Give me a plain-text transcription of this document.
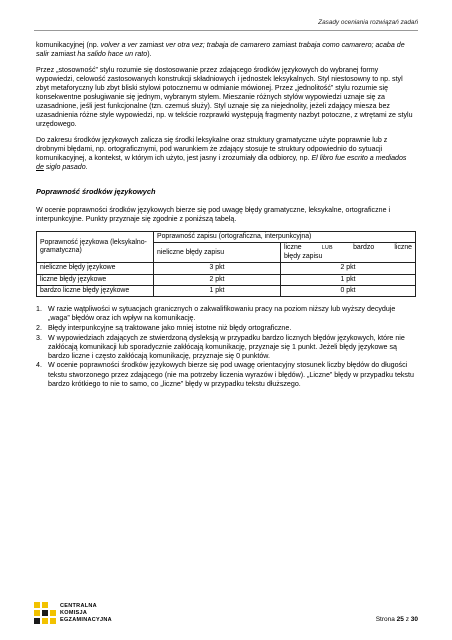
Zasady oceniania rozwiązań zadań

komunikacyjnej (np. volver a ver zamiast ver otra vez; trabaja de camarero zamiast trabaja como camarero; acaba de salir zamiast ha salido hace un rato).

Przez „stosowność” stylu rozumie się dostosowanie przez zdającego środków językowych do wybranej formy wypowiedzi, celowość zastosowanych konstrukcji składniowych i jednostek leksykalnych. Styl niestosowny to np. styl zbyt metaforyczny lub zbyt bliski stylowi potocznemu w odmianie mówionej. Przez „jednolitość” stylu rozumie się konsekwentne posługiwanie się jednym, wybranym stylem. Mieszanie różnych stylów wypowiedzi uznaje się za uzasadnione, jeśli jest funkcjonalne (tzn. czemuś służy). Styl uznaje się za niejednolity, jeżeli zdający miesza bez uzasadnienia różne style wypowiedzi, np. w tekście rozprawki występują fragmenty nazbyt potoczne, z wtrętami ze stylu urzędowego.

Do zakresu środków językowych zalicza się środki leksykalne oraz struktury gramatyczne użyte poprawnie lub z drobnymi błędami, np. ortograficznymi, pod warunkiem że zdający stosuje te struktury odpowiednio do sytuacji komunikacyjnej, a kontekst, w którym ich użyto, jest jasny i zrozumiały dla odbiorcy, np. El libro fue escrito a mediados de siglo pasado.

Poprawność środków językowych

W ocenie poprawności środków językowych bierze się pod uwagę błędy gramatyczne, leksykalne, ortograficzne i interpunkcyjne. Punkty przyznaje się zgodnie z poniższą tabelą.

Poprawność językowa (leksykalno-gramatyczna)	Poprawność zapisu (ortograficzna, interpunkcyjna)	
	nieliczne błędy zapisu	liczne LUB bardzo liczne
błędy zapisu

nieliczne błędy językowe	3 pkt	2 pkt
liczne błędy językowe	2 pkt	1 pkt
bardzo liczne błędy językowe	1 pkt	0 pkt
1. W razie wątpliwości w sytuacjach granicznych o zakwalifikowaniu pracy na poziom niższy lub wyższy decyduje „waga” błędów oraz ich wpływ na komunikację.
2. Błędy interpunkcyjne są traktowane jako mniej istotne niż błędy ortograficzne.
3. W wypowiedziach zdających ze stwierdzoną dysleksją w przypadku bardzo licznych błędów językowych, które nie zakłócają komunikacji lub sporadycznie zakłócają komunikację, przyznaje się 1 punkt. Jeżeli błędy językowe są bardzo liczne i często zakłócają komunikację, przyznaje się 0 punktów.
4. W ocenie poprawności środków językowych bierze się pod uwagę orientacyjny stosunek liczby błędów do długości tekstu stworzonego przez zdającego (nie ma potrzeby liczenia wyrazów i błędów). „Liczne” błędy w przypadku tekstu bardzo krótkiego to nie to samo, co „liczne” błędy w przypadku tekstu dłuższego.
CENTRALNA
KOMISJA
EGZAMINACYJNA	Strona 25 z 30
